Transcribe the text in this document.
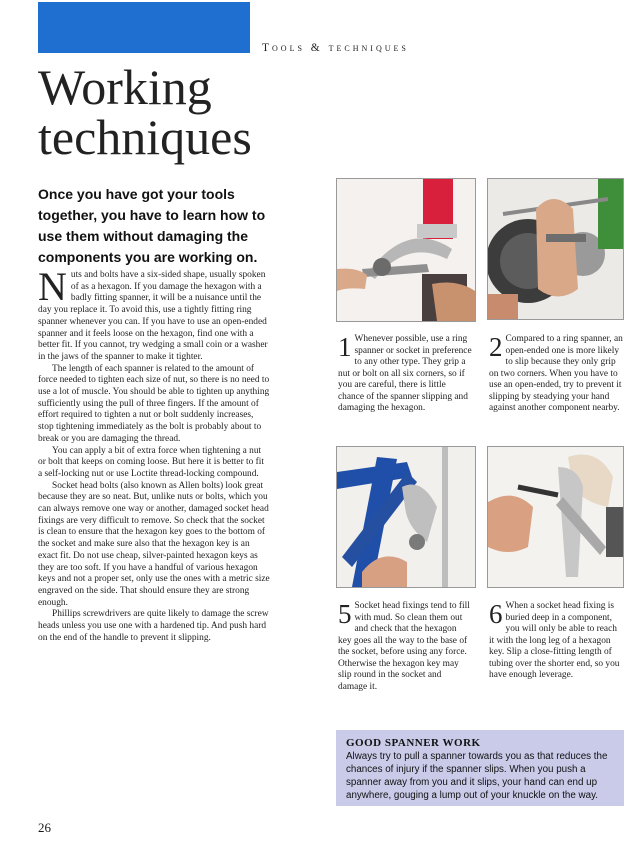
Tools & techniques
Working
techniques

Once you have got your tools together, you have to learn how to use them without damaging the components you are working on.

Nuts and bolts have a six-sided shape, usually spoken of as a hexagon. If you damage the hexagon with a badly fitting spanner, it will be a nuisance until the day you replace it. To avoid this, use a tightly fitting ring spanner whenever you can. If you have to use an open-ended spanner and it feels loose on the hexagon, find one with a better fit. If you cannot, try wedging a small coin or a washer in the jaws of the spanner to make it tighter.

The length of each spanner is related to the amount of force needed to tighten each size of nut, so there is no need to use a lot of muscle. You should be able to tighten up anything sufficiently using the pull of three fingers. If the amount of effort required to tighten a nut or bolt suddenly increases, stop tightening immediately as the bolt is probably about to break or you are damaging the thread.

You can apply a bit of extra force when tightening a nut or bolt that keeps on coming loose. But here it is better to fit a self-locking nut or use Loctite thread-locking compound.

Socket head bolts (also known as Allen bolts) look great because they are so neat. But, unlike nuts or bolts, which you can always remove one way or another, damaged socket head fixings are very difficult to remove. So check that the socket is clean to ensure that the hexagon key goes to the bottom of the socket and make sure also that the hexagon key is an exact fit. Do not use cheap, silver-painted hexagon keys as they are too soft. If you have a handful of various hexagon keys and not a proper set, only use the ones with a metric size engraved on the side. That should ensure they are strong enough.

Phillips screwdrivers are quite likely to damage the screw heads unless you use one with a hardened tip. And push hard on the end of the handle to prevent it slipping.

1 Whenever possible, use a ring spanner or socket in preference to any other type. They grip a nut or bolt on all six corners, so if you are careful, there is little chance of the spanner slipping and damaging the hexagon.
2 Compared to a ring spanner, an open-ended one is more likely to slip because they only grip on two corners. When you have to use an open-ended, try to prevent it slipping by steadying your hand against another component nearby.
5 Socket head fixings tend to fill with mud. So clean them out and check that the hexagon key goes all the way to the base of the socket, before using any force. Otherwise the hexagon key may slip round in the socket and damage it.
6 When a socket head fixing is buried deep in a component, you will only be able to reach it with the long leg of a hexagon key. Slip a close-fitting length of tubing over the shorter end, so you have enough leverage.
GOOD SPANNER WORK

Always try to pull a spanner towards you as that reduces the chances of injury if the spanner slips. When you push a spanner away from you and it slips, your hand can end up anywhere, gouging a lump out of your knuckle on the way.

26
